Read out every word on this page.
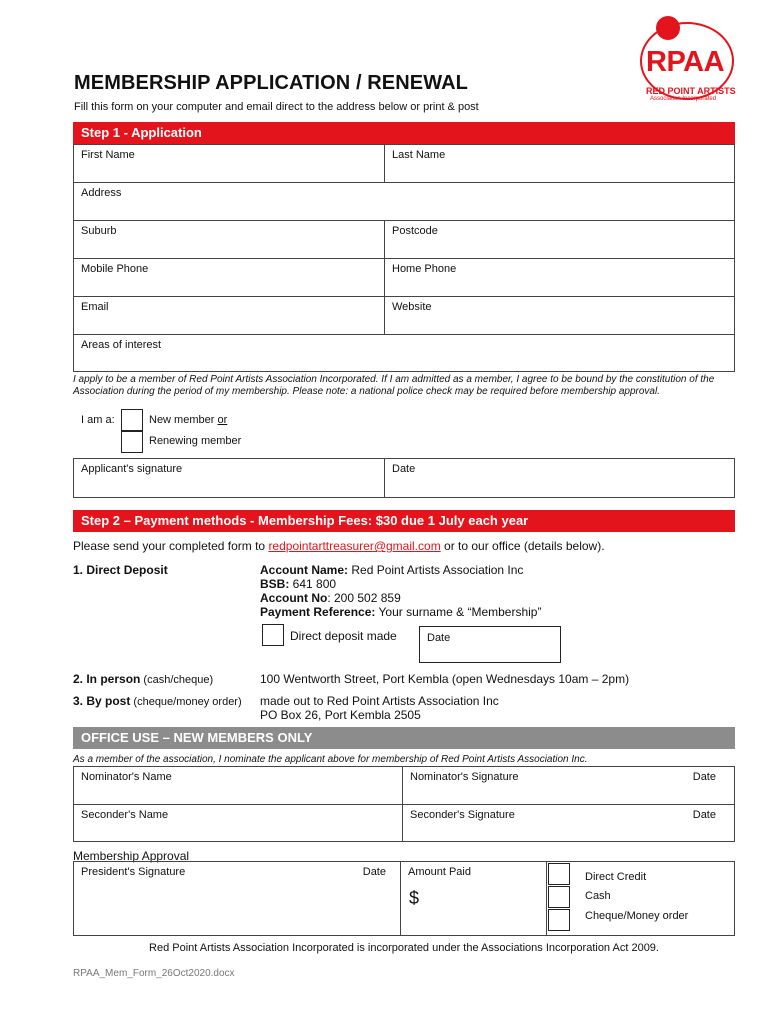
RPAA
RED POINT ARTISTS
Association Incorporated
MEMBERSHIP APPLICATION / RENEWAL
Fill this form on your computer and email direct to the address below or print & post
Step 1 - Application
First Name	Last Name
Address
Suburb	Postcode
Mobile Phone	Home Phone
Email	Website
Areas of interest
I apply to be a member of Red Point Artists Association Incorporated. If I am admitted as a member, I agree to be bound by the constitution of the Association during the period of my membership. Please note: a national police check may be required before membership approval.
I am a:	New member or
Renewing member
Applicant's signature	Date
Step 2 – Payment methods - Membership Fees: $30 due 1 July each year
Please send your completed form to redpointarttreasurer@gmail.com or to our office (details below).
1. Direct Deposit	Account Name: Red Point Artists Association Inc
BSB: 641 800
Account No: 200 502 859
Payment Reference: Your surname & “Membership”
Direct deposit made	Date
2. In person (cash/cheque)	100 Wentworth Street, Port Kembla (open Wednesdays 10am – 2pm)
3. By post (cheque/money order) made out to Red Point Artists Association Inc
PO Box 26, Port Kembla 2505
OFFICE USE – NEW MEMBERS ONLY
As a member of the association, I nominate the applicant above for membership of Red Point Artists Association Inc.
Nominator's Name	Nominator's Signature	Date
Seconder's Name	Seconder's Signature	Date
Membership Approval
President's Signature	Date	Amount Paid
$
Direct Credit
Cash
Cheque/Money order
Red Point Artists Association Incorporated is incorporated under the Associations Incorporation Act 2009.
RPAA_Mem_Form_26Oct2020.docx
